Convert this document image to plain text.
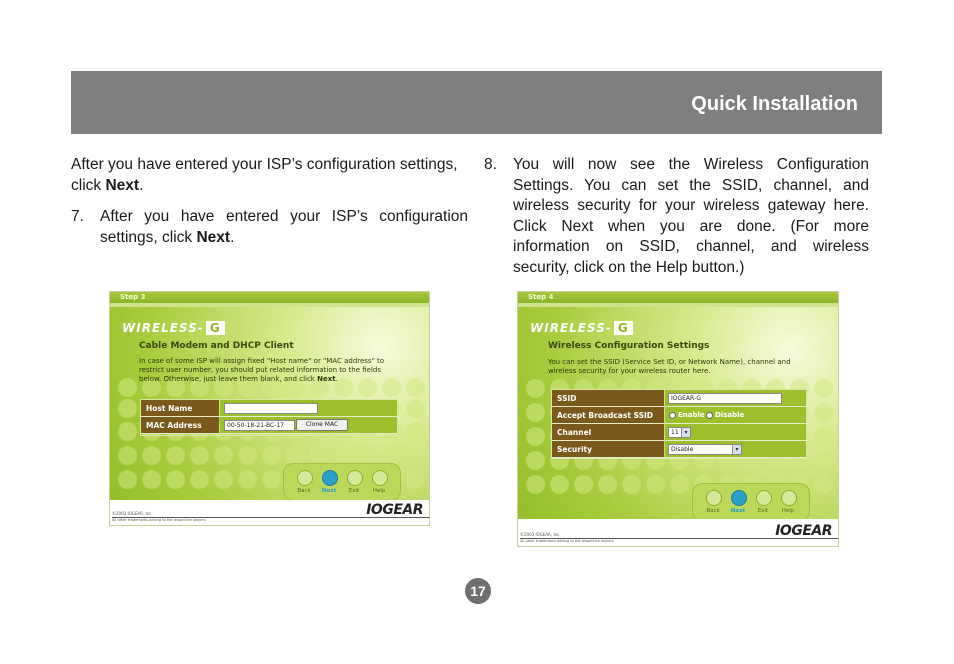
Quick Installation

After you have entered your ISP’s configuration settings, click Next.

7.	After you have entered your ISP’s configuration settings, click Next.
8.	You will now see the Wireless Configuration Settings. You can set the SSID, channel, and wireless security for your wireless gateway here. Click Next when you are done. (For more information on SSID, channel, and wireless security, click on the Help button.)
Step 3
WIRELESS- G
Cable Modem and DHCP Client
In case of some ISP will assign fixed "Host name" or "MAC address" to restrict user number, you should put related information to the fields below. Otherwise, just leave them blank, and click Next.
Host Name
MAC Address	00-50-18-21-BC-17	Clone MAC
Back	Next	Exit	Help
©2003 IOGEAR, Inc.
All other trademarks belong to the respective owners
IOGEAR
Step 4
WIRELESS- G
Wireless Configuration Settings
You can set the SSID (Service Set ID, or Network Name), channel and wireless security for your wireless router here.
SSID	IOGEAR-G
Accept Broadcast SSID	Enable	Disable
Channel	11 ▾
Security	Disable	▾
Back	Next	Exit	Help
©2003 IOGEAR, Inc.
All other trademarks belong to the respective owners
IOGEAR
17
